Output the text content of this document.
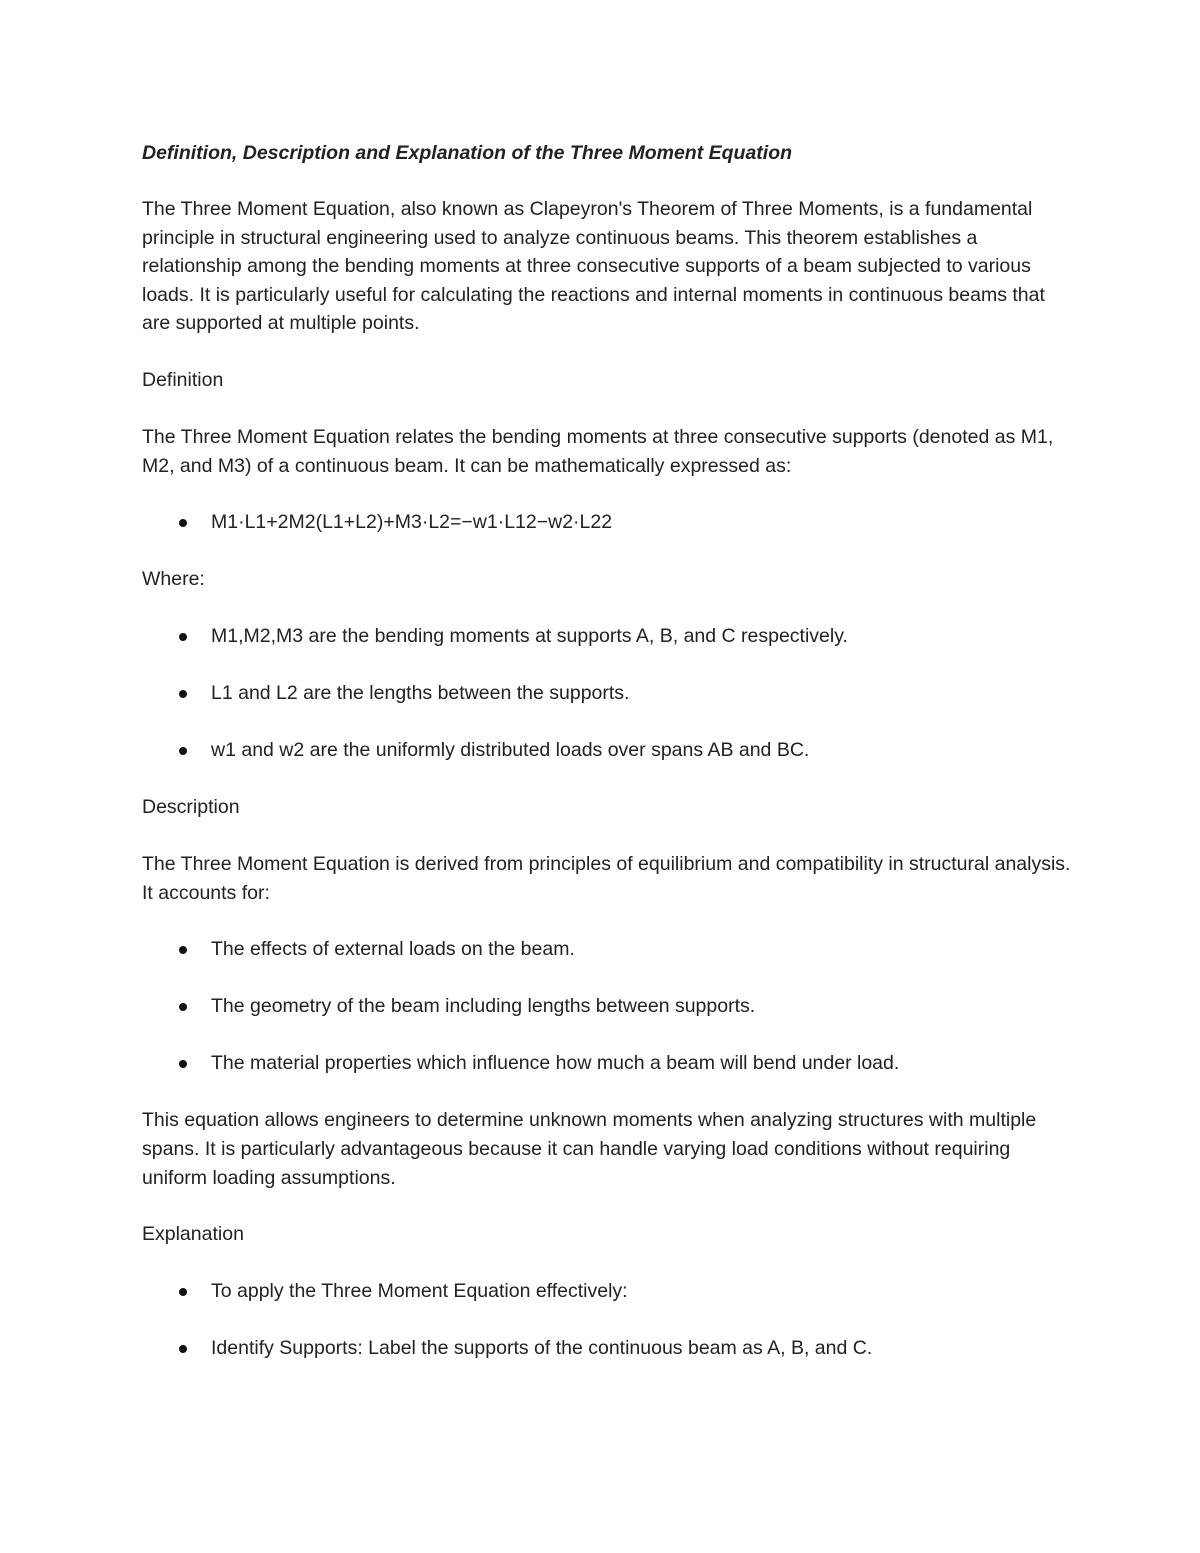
Definition, Description and Explanation of the Three Moment Equation

The Three Moment Equation, also known as Clapeyron's Theorem of Three Moments, is a fundamental principle in structural engineering used to analyze continuous beams. This theorem establishes a relationship among the bending moments at three consecutive supports of a beam subjected to various loads. It is particularly useful for calculating the reactions and internal moments in continuous beams that are supported at multiple points.

Definition

The Three Moment Equation relates the bending moments at three consecutive supports (denoted as M1, M2, and M3) of a continuous beam. It can be mathematically expressed as:

M1·L1+2M2(L1+L2)+M3·L2=−w1·L12−w2·L22

Where:

M1,M2,M3 are the bending moments at supports A, B, and C respectively.
L1 and L2 are the lengths between the supports.
w1 and w2 are the uniformly distributed loads over spans AB and BC.

Description

The Three Moment Equation is derived from principles of equilibrium and compatibility in structural analysis. It accounts for:

The effects of external loads on the beam.
The geometry of the beam including lengths between supports.
The material properties which influence how much a beam will bend under load.

This equation allows engineers to determine unknown moments when analyzing structures with multiple spans. It is particularly advantageous because it can handle varying load conditions without requiring uniform loading assumptions.

Explanation

To apply the Three Moment Equation effectively:
Identify Supports: Label the supports of the continuous beam as A, B, and C.
